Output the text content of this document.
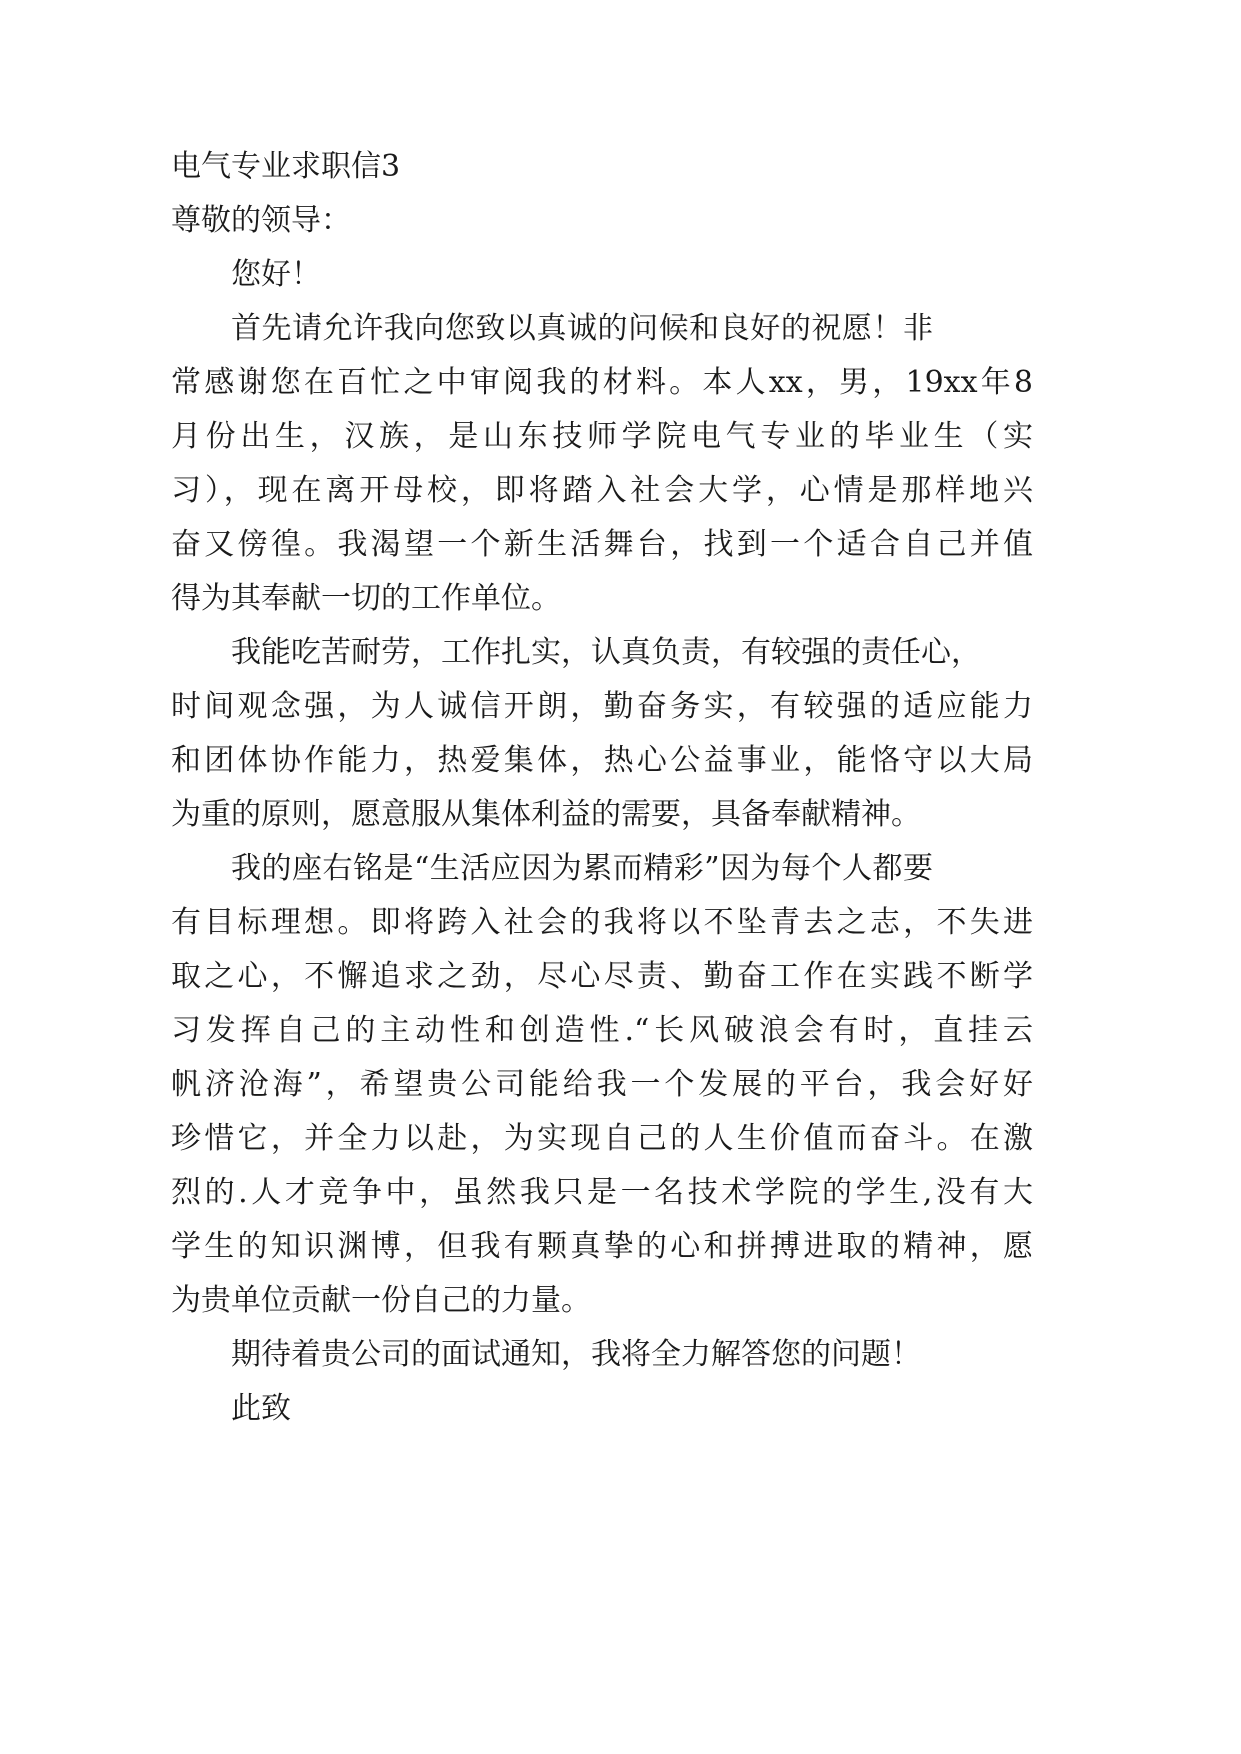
电气专业求职信3

尊敬的领导：

您好！

首先请允许我向您致以真诚的问候和良好的祝愿！非

常感谢您在百忙之中审阅我的材料。本人xx，男，19xx年8

月份出生，汉族，是山东技师学院电气专业的毕业生（实

习），现在离开母校，即将踏入社会大学，心情是那样地兴

奋又傍徨。我渴望一个新生活舞台，找到一个适合自己并值

得为其奉献一切的工作单位。

我能吃苦耐劳，工作扎实，认真负责，有较强的责任心，

时间观念强，为人诚信开朗，勤奋务实，有较强的适应能力

和团体协作能力，热爱集体，热心公益事业，能恪守以大局

为重的原则，愿意服从集体利益的需要，具备奉献精神。

我的座右铭是“生活应因为累而精彩”因为每个人都要

有目标理想。即将跨入社会的我将以不坠青去之志，不失进

取之心，不懈追求之劲，尽心尽责、勤奋工作在实践不断学

习发挥自己的主动性和创造性.“长风破浪会有时，直挂云

帆济沧海”，希望贵公司能给我一个发展的平台，我会好好

珍惜它，并全力以赴，为实现自己的人生价值而奋斗。在激

烈的.人才竞争中，虽然我只是一名技术学院的学生,没有大

学生的知识渊博，但我有颗真挚的心和拼搏进取的精神，愿

为贵单位贡献一份自己的力量。

期待着贵公司的面试通知，我将全力解答您的问题！

此致
